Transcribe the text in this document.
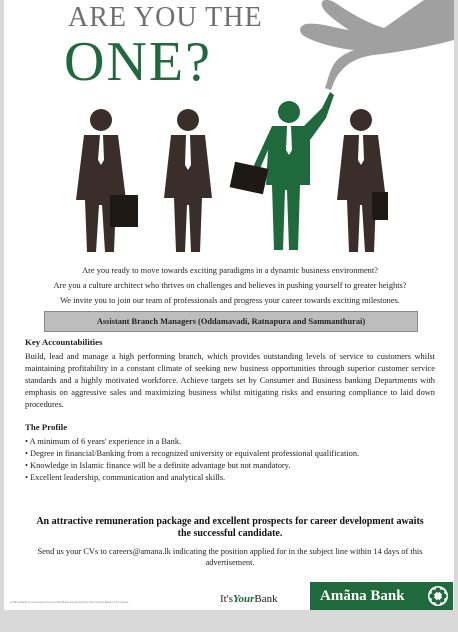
ARE YOU THE
ONE?

Are you ready to move towards exciting paradigms in a dynamic business environment?

Are you a culture architect who thrives on challenges and believes in pushing yourself to greater heights?

We invite you to join our team of professionals and progress your career towards exciting milestones.

Assistant Branch Managers (Oddamavadi, Ratnapura and Sammanthurai)
Key Accountabilities
Build, lead and manage a high performing branch, which provides outstanding levels of service to customers whilst maintaining profitability in a constant climate of seeking new business opportunities through superior customer service standards and a highly motivated workforce. Achieve targets set by Consumer and Business banking Departments with emphasis on aggressive sales and maximizing business whilst mitigating risks and ensuring compliance to laid down procedures.
The Profile
• A minimum of 6 years' experience in a Bank.
• Degree in financial/Banking from a recognized university or equivalent professional qualification.
• Knowledge in Islamic finance will be a definite advantage but not mandatory.
• Excellent leadership, communication and analytical skills.
An attractive remuneration package and excellent prospects for career development awaits the successful candidate.
Send us your CVs to careers@amana.lk indicating the position applied for in the subject line within 14 days of this advertisement.
Amãna Bank is a licensed Commercial Bank supervised by the Central Bank of Sri Lanka	It'sYourBank	Amãna Bank
